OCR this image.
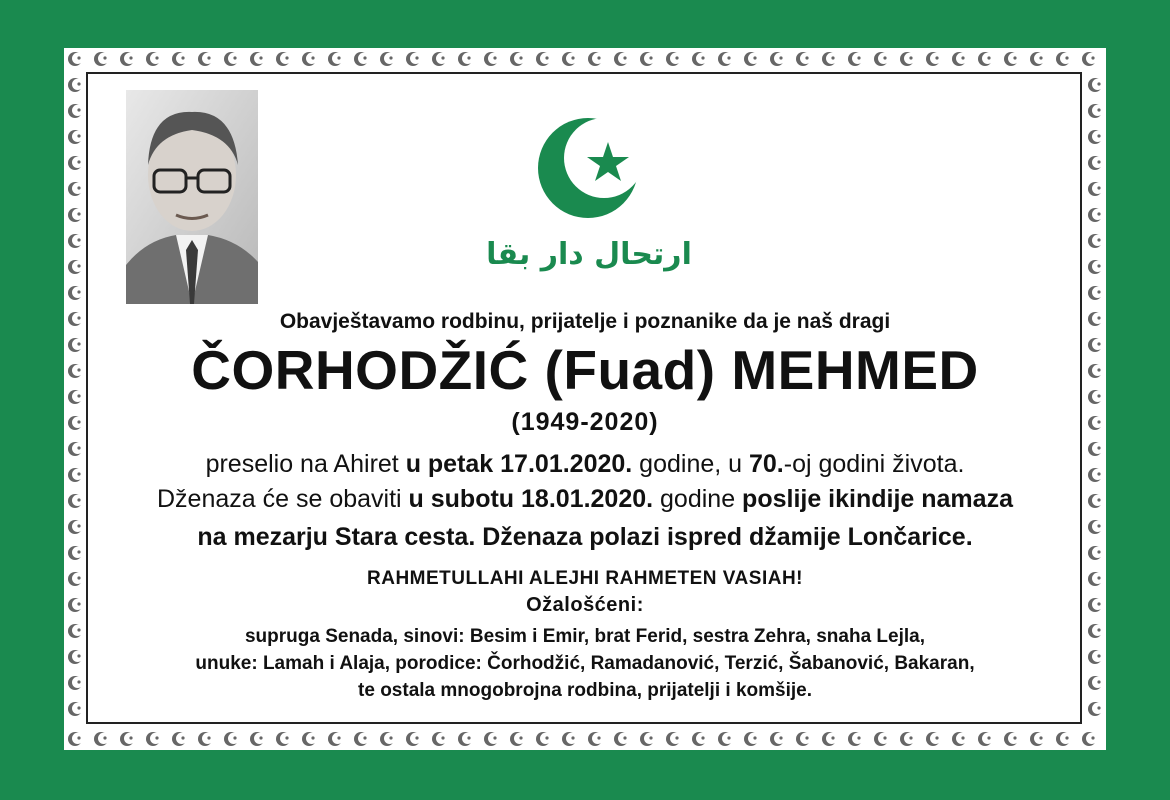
ارتحال دار بقا
Obavještavamo rodbinu, prijatelje i poznanike da je naš dragi
ČORHODŽIĆ (Fuad) MEHMED
(1949-2020)
preselio na Ahiret u petak 17.01.2020. godine, u 70.-oj godini života.
Dženaza će se obaviti u subotu 18.01.2020. godine poslije ikindije namaza
na mezarju Stara cesta. Dženaza polazi ispred džamije Lončarice.
RAHMETULLAHI ALEJHI RAHMETEN VASIAH!
Ožalošćeni:
supruga Senada, sinovi: Besim i Emir, brat Ferid, sestra Zehra, snaha Lejla,
unuke: Lamah i Alaja, porodice: Čorhodžić, Ramadanović, Terzić, Šabanović, Bakaran,
te ostala mnogobrojna rodbina, prijatelji i komšije.
